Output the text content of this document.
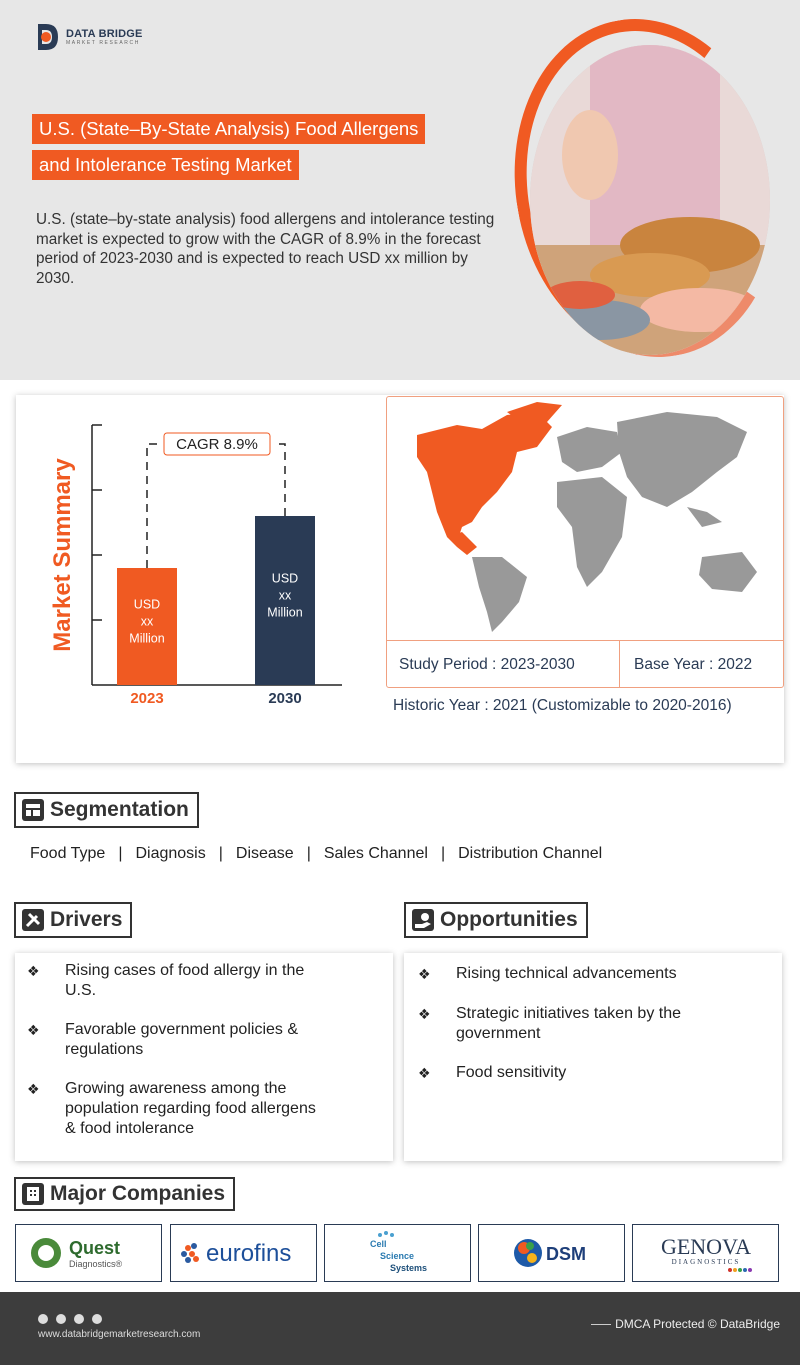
DATA BRIDGE
MARKET RESEARCH
U.S. (State–By-State Analysis) Food Allergens
and Intolerance Testing Market
U.S. (state–by-state analysis) food allergens and intolerance testing market is expected to grow with the CAGR of 8.9% in the forecast period of 2023-2030 and is expected to reach USD xx million by 2030.
Market Summary
2023
USD
xx
Million
2030
USD
xx
Million
CAGR 8.9%
Study Period : 2023-2030	Base Year : 2022
Historic Year : 2021 (Customizable to 2020-2016)
Segmentation
Food Type | Diagnosis | Disease | Sales Channel | Distribution Channel
Drivers
❖ Rising cases of food allergy in the
U.S.
❖ Favorable government policies &
regulations
❖ Growing awareness among the
population regarding food allergens
& food intolerance
Opportunities
❖ Rising technical advancements
❖ Strategic initiatives taken by the
government
❖ Food sensitivity
Major Companies
Quest
Diagnostics®	eurofins	Cell
Science
Systems
DSM	GENOVA
DIAGNOSTICS
www.databridgemarketresearch.com
DMCA Protected © DataBridge
